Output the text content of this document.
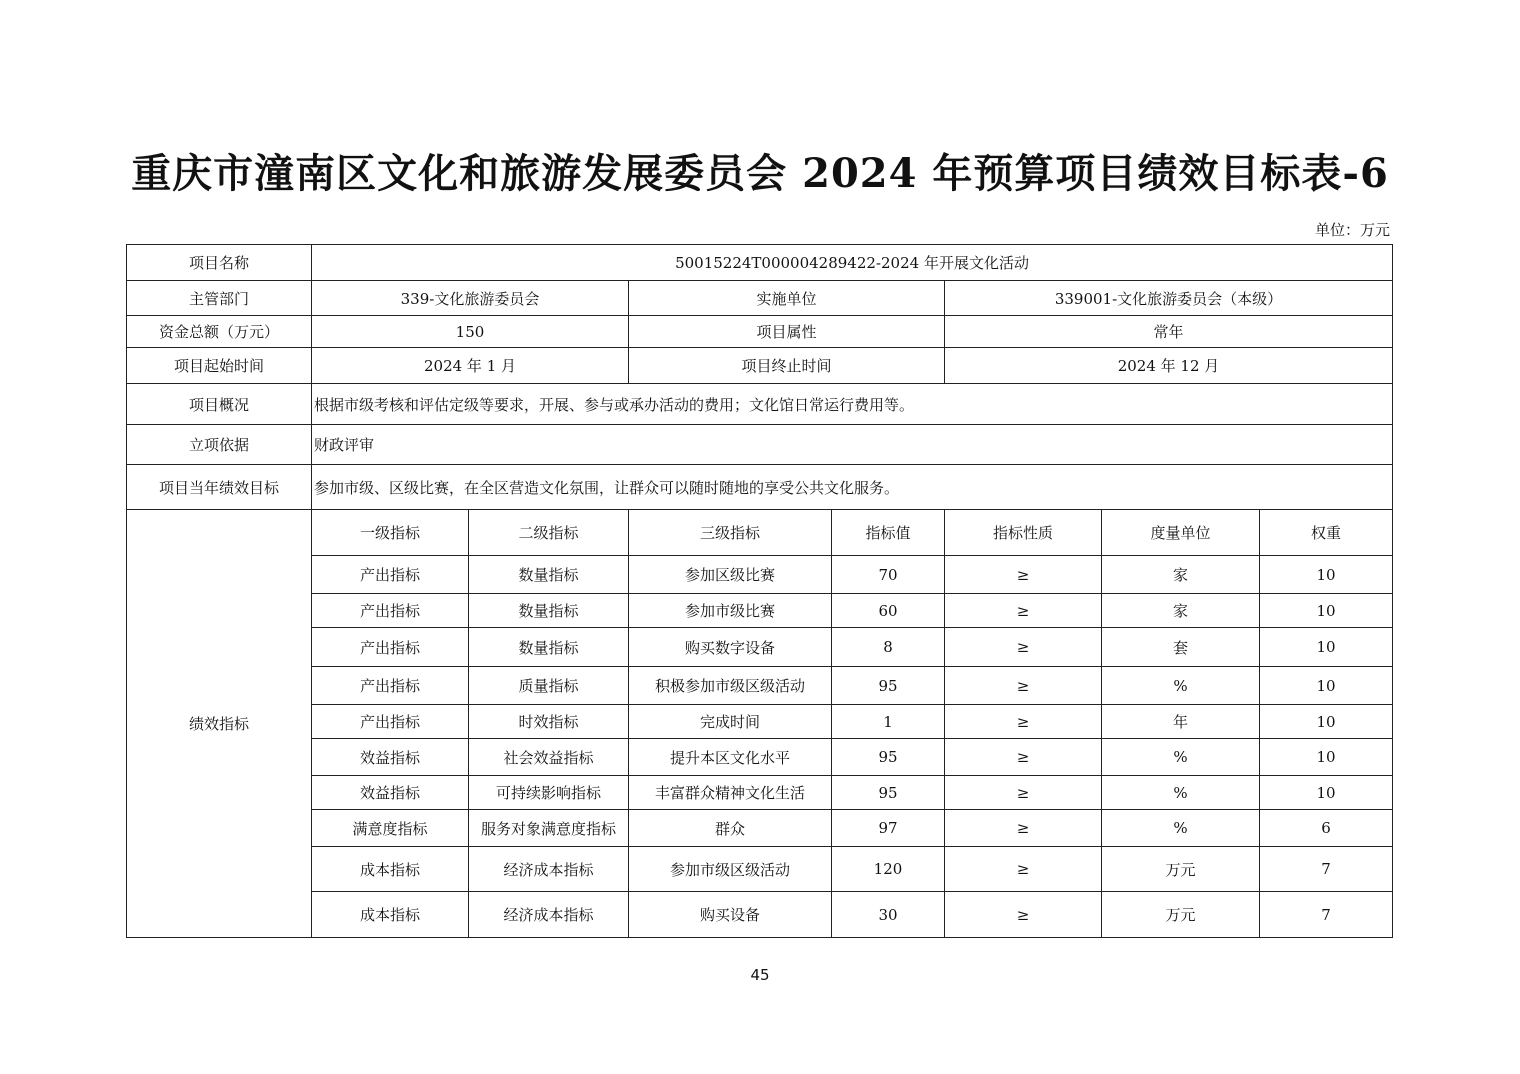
重庆市潼南区文化和旅游发展委员会 2024 年预算项目绩效目标表-6
单位：万元
项目名称	50015224T000004289422-2024 年开展文化活动						
主管部门	339-文化旅游委员会		实施单位		339001-文化旅游委员会（本级）		
资金总额（万元）	150		项目属性		常年		
项目起始时间	2024 年 1 月		项目终止时间		2024 年 12 月		
项目概况	根据市级考核和评估定级等要求，开展、参与或承办活动的费用；文化馆日常运行费用等。						
立项依据	财政评审						
项目当年绩效目标	参加市级、区级比赛，在全区营造文化氛围，让群众可以随时随地的享受公共文化服务。						
绩效指标	一级指标	二级指标	三级指标	指标值	指标性质	度量单位	权重
	产出指标	数量指标	参加区级比赛	70	≥	家	10
	产出指标	数量指标	参加市级比赛	60	≥	家	10
	产出指标	数量指标	购买数字设备	8	≥	套	10
	产出指标	质量指标	积极参加市级区级活动	95	≥	%	10
	产出指标	时效指标	完成时间	1	≥	年	10
	效益指标	社会效益指标	提升本区文化水平	95	≥	%	10
	效益指标	可持续影响指标	丰富群众精神文化生活	95	≥	%	10
	满意度指标	服务对象满意度指标	群众	97	≥	%	6
	成本指标	经济成本指标	参加市级区级活动	120	≥	万元	7
	成本指标	经济成本指标	购买设备	30	≥	万元	7
45
